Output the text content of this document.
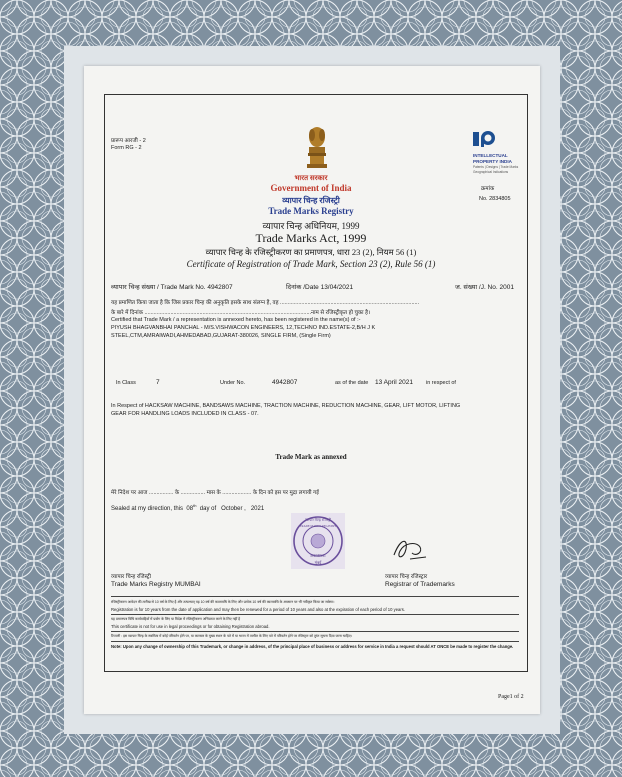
प्रारूप आरजी - 2
Form RG - 2
भारत सरकार
Government of India
व्यापार चिन्ह रजिस्ट्री
Trade Marks Registry
व्यापार चिन्ह अधिनियम, 1999
Trade Marks Act, 1999
व्यापार चिन्ह के रजिस्ट्रीकरण का प्रमाणपत्र, धारा 23 (2), नियम 56 (1)
Certificate of Registration of Trade Mark, Section 23 (2), Rule 56 (1)
INTELLECTUAL
PROPERTY INDIA
Patents | Designs | Trade Marks
Geographical Indications
क्रमांक
No. 2834805
व्यापार चिन्ह संख्या / Trade Mark No. 4942807	दिनांक /Date 13/04/2021	ज. संख्या /J. No. 2001
यह प्रमाणित किया जाता है कि जिस प्रकार चिन्ह की अनुकृति इसके साथ संलग्न है, वह ...........................................................................................
के बारे में दिनांक .............................................................................................................नाम से रजिस्ट्रीकृत हो चुका है।
Certified that Trade Mark / a representation is annexed hereto, has been registered in the name(s) of :-
PIYUSH BHAGVANBHAI PANCHAL - M/S.VISHWACON ENGINEERS, 12,TECHNO IND.ESTATE-2,B/H J K
STEEL,CTM,AMRAIWADI,AHMEDABAD,GUJARAT-380026, SINGLE FIRM, (Single Firm)
In Class	7	Under No.	4942807	as of the date 13 April 2021 in respect of
In Respect of HACKSAW MACHINE, BANDSAWS MACHINE, TRACTION MACHINE, REDUCTION MACHINE, GEAR, LIFT MOTOR, LIFTING
GEAR FOR HANDLING LOADS INCLUDED IN CLASS - 07.
Trade Mark as annexed
मेरे निदेश पर आज ................ के ................ मास के ................... के दिन को इस पर मुद्रा लगायी गई
Sealed at my direction, this 08th  day of October , 2021
व्यापार चिन्ह रजिस्ट्री
TRADE MARKS REGISTRY
MUMBAI
मुंबई
व्यापार चिन्ह रजिस्ट्री
Trade Marks Registry MUMBAI
व्यापार चिन्ह रजिस्ट्रार
Registrar of Trademarks
रजिस्ट्रीकरण आवेदन की तारीख से 10 वर्ष के लिए है और तत्पश्चात् यह 10 वर्ष की कालावधि के लिए और प्रत्येक 10 वर्ष की कालावधि के अवसान पर भी नवीकृत किया जा सकेगा।
Registration is for 10 years from the date of application and may then be renewed for a period of 10 years and also at the expiration of each period of 10 years.
यह प्रमाणपत्र विधि कार्यवाहियों में प्रयोग के लिए या विदेश में रजिस्ट्रीकरण अभिप्राप्त करने के लिए नहीं है
This certificate is not for use in legal proceedings or for obtaining Registration abroad.
टिप्पणी : इस व्यापार चिन्ह के स्वामित्व में कोई परिवर्तन होने पर, या कारबार के मुख्य स्थान के पते में या भारत में तामील के लिए पते में परिवर्तन होने पर रजिस्ट्रार को तुरंत सूचना दिया जाना चाहिए।
Note: Upon any change of ownership of this Trademark, or change in address, of the principal place of business or address for service in India a request should AT ONCE be made to register the change.
Page1 of 2
